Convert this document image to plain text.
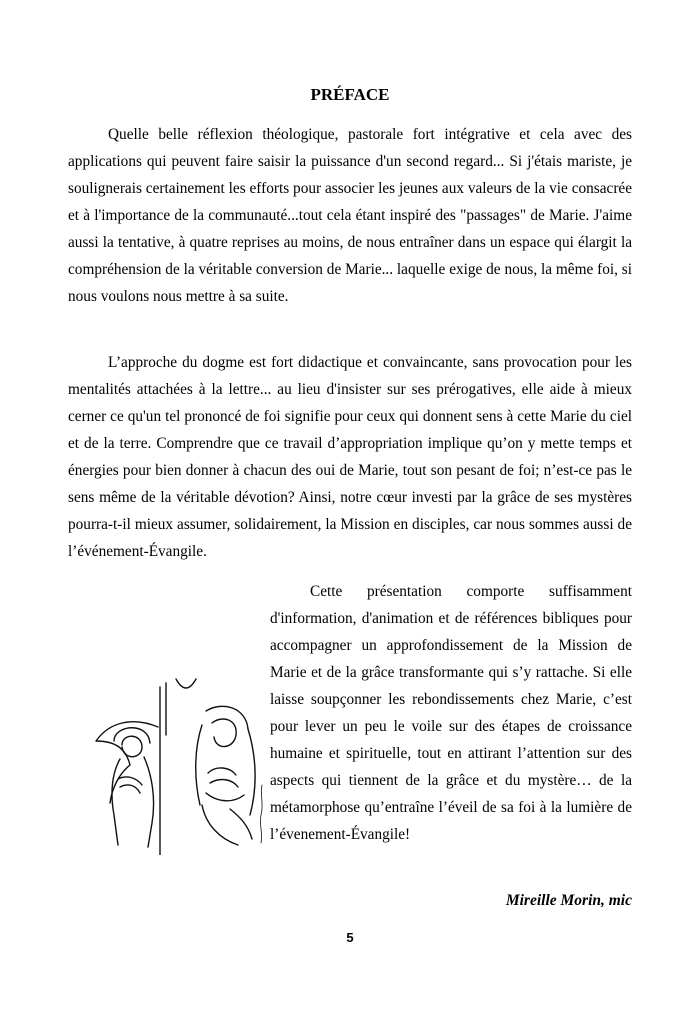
PRÉFACE

Quelle belle réflexion théologique, pastorale fort intégrative et cela avec des applications qui peuvent faire saisir la puissance d'un second regard... Si j'étais mariste, je soulignerais certainement les efforts pour associer les jeunes aux valeurs de la vie consacrée et à l'importance de la communauté...tout cela étant inspiré des "passages" de Marie. J'aime aussi la tentative, à quatre reprises au moins, de nous entraîner dans un espace qui élargit la compréhension de la véritable conversion de Marie... laquelle exige de nous, la même foi, si nous voulons nous mettre à sa suite.

L’approche du dogme est fort didactique et convaincante, sans provocation pour les mentalités attachées à la lettre... au lieu d'insister sur ses prérogatives, elle aide à mieux cerner ce qu'un tel prononcé de foi signifie pour ceux qui donnent sens à cette Marie du ciel et de la terre. Comprendre que ce travail d’appropriation implique qu’on y mette temps et énergies pour bien donner à chacun des oui de Marie, tout son pesant de foi; n’est-ce pas le sens même de la véritable dévotion? Ainsi, notre cœur investi par la grâce de ses mystères pourra-t-il mieux assumer, solidairement, la Mission en disciples, car nous sommes aussi de l’événement-Évangile.

Cette présentation comporte suffisamment d'information, d'animation et de références bibliques pour accompagner un approfondissement de la Mission de Marie et de la grâce transformante qui s’y rattache. Si elle laisse soupçonner les rebondissements chez Marie, c’est pour lever un peu le voile sur des étapes de croissance humaine et spirituelle, tout en attirant l’attention sur des aspects qui tiennent de la grâce et du mystère… de la métamorphose qu’entraîne l’éveil de sa foi à la lumière de l’évenement-Évangile!

Mireille Morin, mic

5
